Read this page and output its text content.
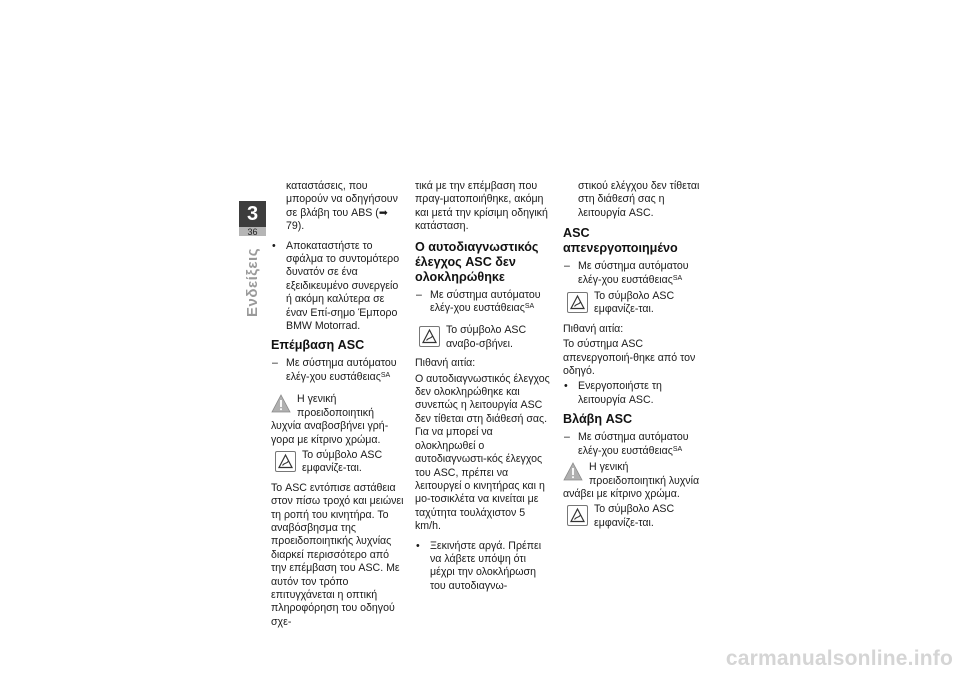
3
36
Ενδείξεις

καταστάσεις, που μπορούν να οδηγήσουν σε βλάβη του ABS (➡ 79).

• Αποκαταστήστε το σφάλμα το συντομότερο δυνατόν σε ένα εξειδικευμένο συνεργείο ή ακόμη καλύτερα σε έναν Επί-σημο Έμπορο BMW Motorrad.
Επέμβαση ASC
– Με σύστημα αυτόματου ελέγ-χου ευστάθειας$^{SA}$
Η γενική προειδοποιητική λυχνία αναβοσβήνει γρή-γορα με κίτρινο χρώμα.
Το σύμβολο ASC εμφανίζε-ται.

Το ASC εντόπισε αστάθεια στον πίσω τροχό και μειώνει τη ροπή του κινητήρα. Το αναβόσβησμα της προειδοποιητικής λυχνίας διαρκεί περισσότερο από την επέμβαση του ASC. Με αυτόν τον τρόπο επιτυγχάνεται η οπτική πληροφόρηση του οδηγού σχε-

τικά με την επέμβαση που πραγ-ματοποιήθηκε, ακόμη και μετά την κρίσιμη οδηγική κατάσταση.

Ο αυτοδιαγνωστικός έλεγχος ASC δεν ολοκληρώθηκε
– Με σύστημα αυτόματου ελέγ-χου ευστάθειας$^{SA}$
Το σύμβολο ASC αναβο-σβήνει.

Πιθανή αιτία:

Ο αυτοδιαγνωστικός έλεγχος δεν ολοκληρώθηκε και συνεπώς η λειτουργία ASC δεν τίθεται στη διάθεσή σας. Για να μπορεί να ολοκληρωθεί ο αυτοδιαγνωστι-κός έλεγχος του ASC, πρέπει να λειτουργεί ο κινητήρας και η μο-τοσικλέτα να κινείται με ταχύτητα τουλάχιστον 5 km/h.

• Ξεκινήστε αργά. Πρέπει να λάβετε υπόψη ότι μέχρι την ολοκλήρωση του αυτοδιαγνω-

στικού ελέγχου δεν τίθεται στη διάθεσή σας η λειτουργία ASC.

ASC απενεργοποιημένο
– Με σύστημα αυτόματου ελέγ-χου ευστάθειας$^{SA}$
Το σύμβολο ASC εμφανίζε-ται.

Πιθανή αιτία:

Το σύστημα ASC απενεργοποιή-θηκε από τον οδηγό.

• Ενεργοποιήστε τη λειτουργία ASC.
Βλάβη ASC
– Με σύστημα αυτόματου ελέγ-χου ευστάθειας$^{SA}$
Η γενική προειδοποιητική λυχνία ανάβει με κίτρινο χρώμα.
Το σύμβολο ASC εμφανίζε-ται.
carmanualsonline.info
